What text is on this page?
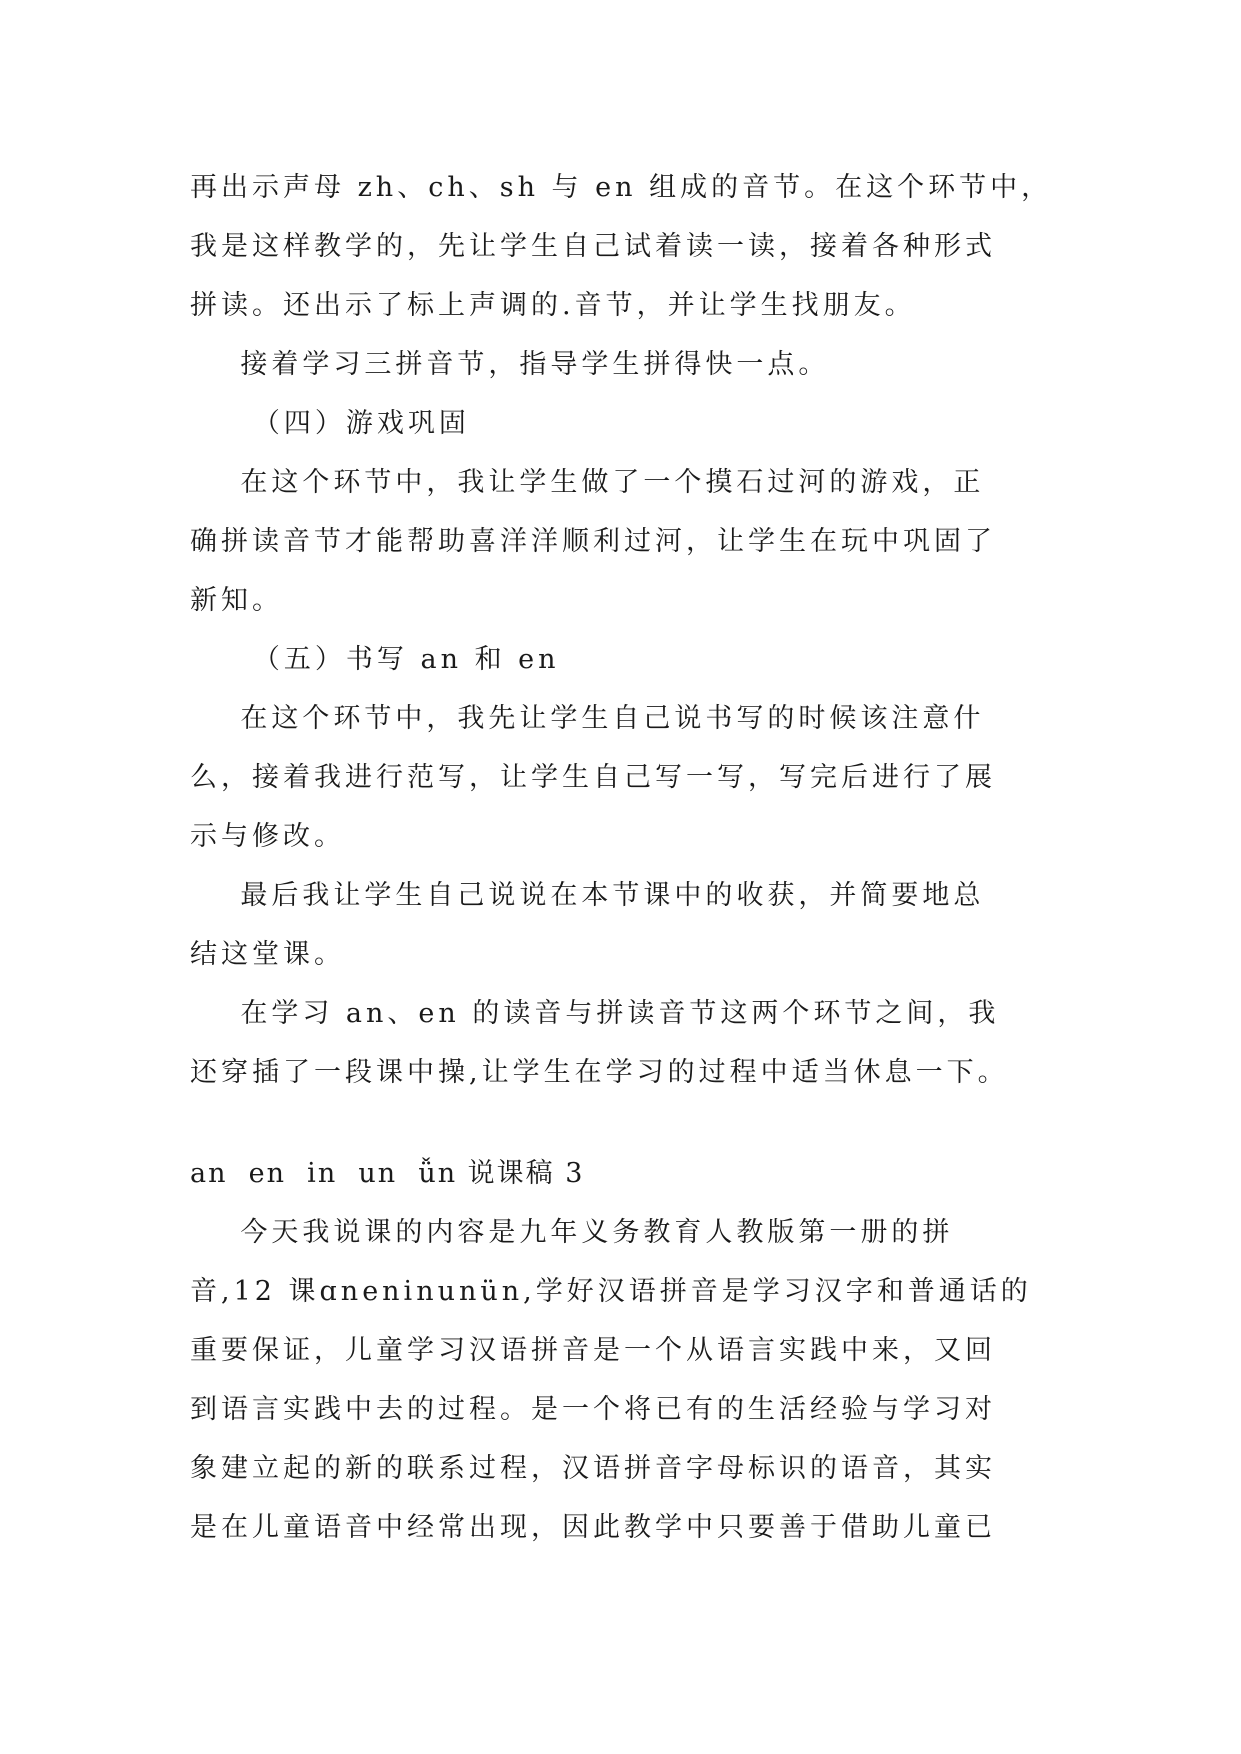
再出示声母 zh、ch、sh 与 en 组成的音节。在这个环节中，
我是这样教学的，先让学生自己试着读一读，接着各种形式
拼读。还出示了标上声调的.音节，并让学生找朋友。

接着学习三拼音节，指导学生拼得快一点。

（四）游戏巩固

在这个环节中，我让学生做了一个摸石过河的游戏，正
确拼读音节才能帮助喜洋洋顺利过河，让学生在玩中巩固了
新知。

（五）书写 an 和 en

在这个环节中，我先让学生自己说书写的时候该注意什
么，接着我进行范写，让学生自己写一写，写完后进行了展
示与修改。

最后我让学生自己说说在本节课中的收获，并简要地总
结这堂课。

在学习 an、en 的读音与拼读音节这两个环节之间，我
还穿插了一段课中操,让学生在学习的过程中适当休息一下。

an  en  in  un  ǚn 说课稿 3

今天我说课的内容是九年义务教育人教版第一册的拼
音,12 课ɑneninunün,学好汉语拼音是学习汉字和普通话的
重要保证，儿童学习汉语拼音是一个从语言实践中来，又回
到语言实践中去的过程。是一个将已有的生活经验与学习对
象建立起的新的联系过程，汉语拼音字母标识的语音，其实
是在儿童语音中经常出现，因此教学中只要善于借助儿童已
